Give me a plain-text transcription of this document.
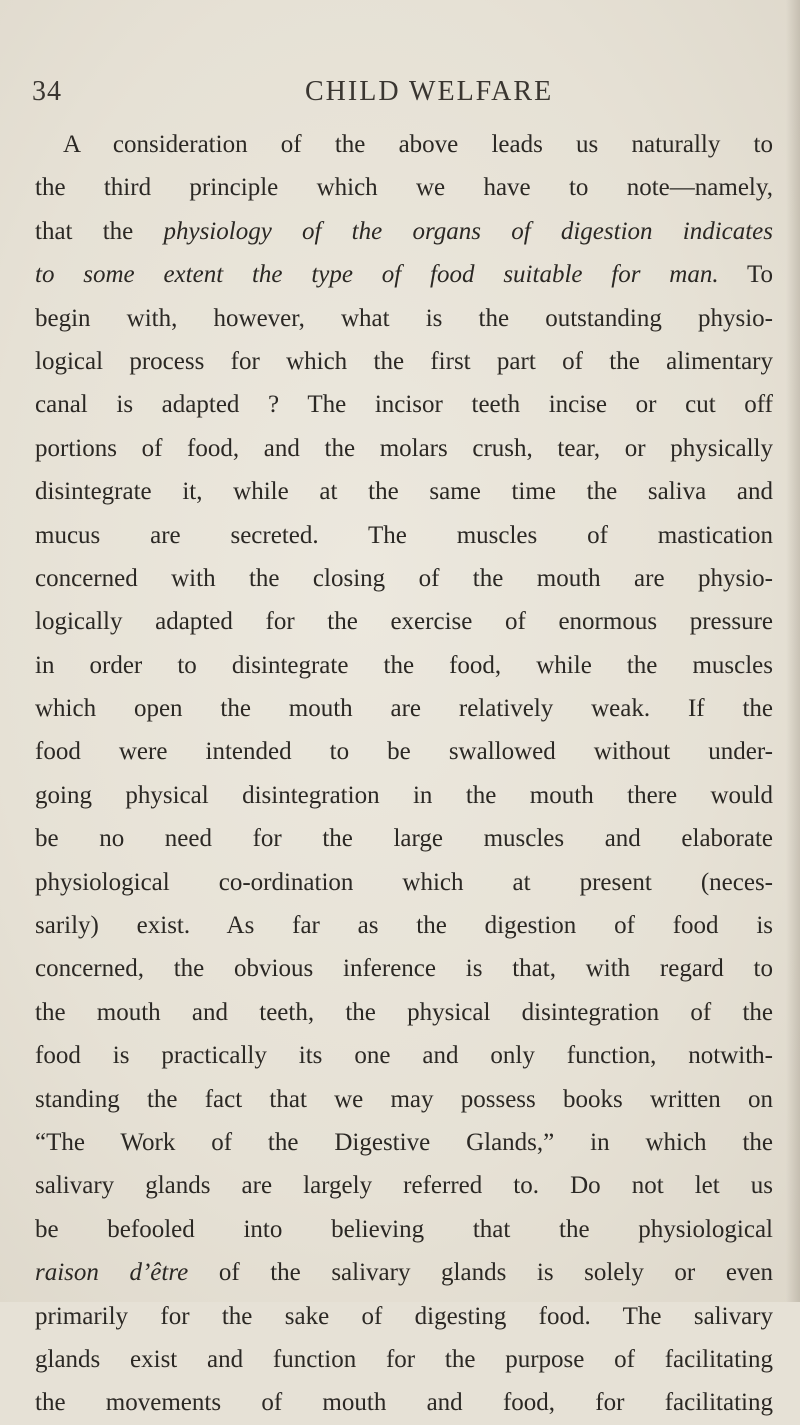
34	CHILD WELFARE
A consideration of the above leads us naturally to
the third principle which we have to note—namely,
that the physiology of the organs of digestion indicates
to some extent the type of food suitable for man. To
begin with, however, what is the outstanding physio-
logical process for which the first part of the alimentary
canal is adapted ? The incisor teeth incise or cut off
portions of food, and the molars crush, tear, or physically
disintegrate it, while at the same time the saliva and
mucus are secreted. The muscles of mastication
concerned with the closing of the mouth are physio-
logically adapted for the exercise of enormous pressure
in order to disintegrate the food, while the muscles
which open the mouth are relatively weak. If the
food were intended to be swallowed without under-
going physical disintegration in the mouth there would
be no need for the large muscles and elaborate
physiological co-ordination which at present (neces-
sarily) exist. As far as the digestion of food is
concerned, the obvious inference is that, with regard to
the mouth and teeth, the physical disintegration of the
food is practically its one and only function, notwith-
standing the fact that we may possess books written on
“The Work of the Digestive Glands,” in which the
salivary glands are largely referred to. Do not let us
be befooled into believing that the physiological
raison d’être of the salivary glands is solely or even
primarily for the sake of digesting food. The salivary
glands exist and function for the purpose of facilitating
the movements of mouth and food, for facilitating
